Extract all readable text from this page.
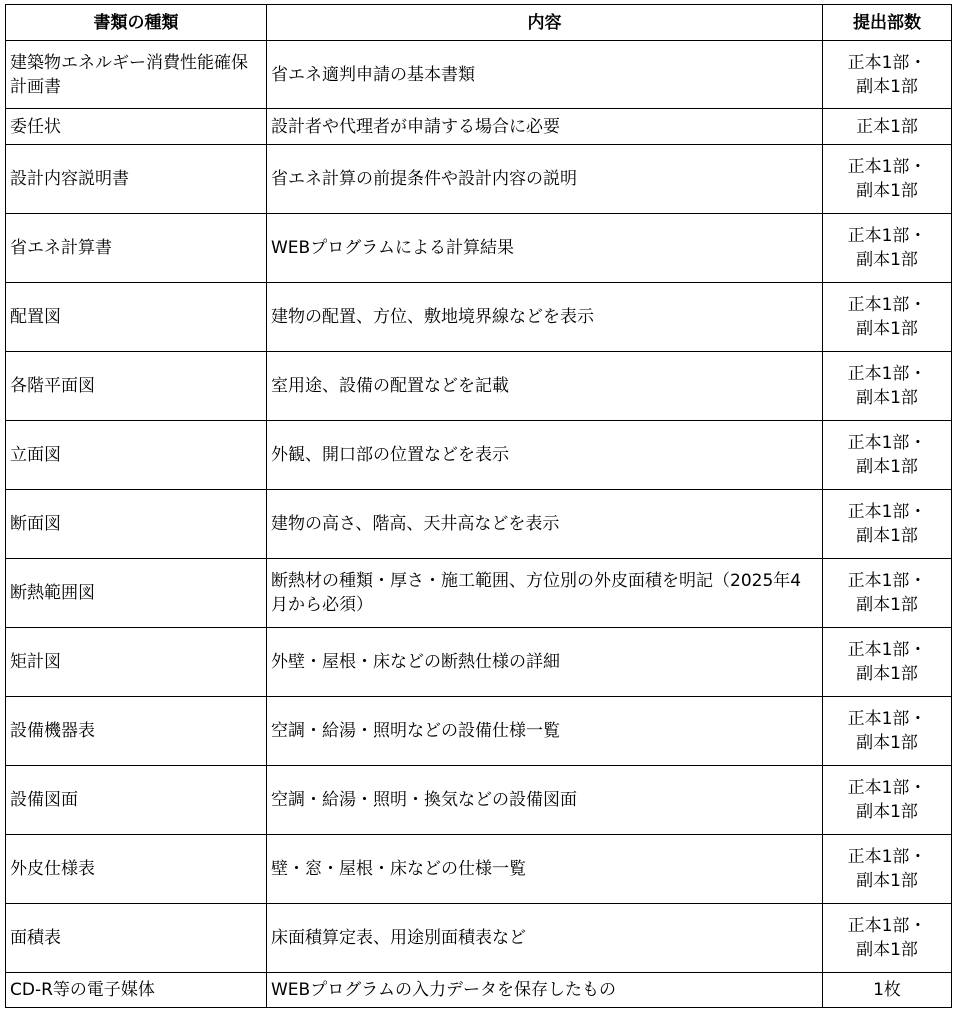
書類の種類	内容	提出部数
建築物エネルギー消費性能確保計画書	省エネ適判申請の基本書類	正本1部・
副本1部

委任状	設計者や代理者が申請する場合に必要	正本1部

設計内容説明書	省エネ計算の前提条件や設計内容の説明	正本1部・
副本1部

省エネ計算書	WEBプログラムによる計算結果	正本1部・
副本1部

配置図	建物の配置、方位、敷地境界線などを表示	正本1部・
副本1部

各階平面図	室用途、設備の配置などを記載	正本1部・
副本1部

立面図	外観、開口部の位置などを表示	正本1部・
副本1部

断面図	建物の高さ、階高、天井高などを表示	正本1部・
副本1部

断熱範囲図	断熱材の種類・厚さ・施工範囲、方位別の外皮面積を明記（2025年4月から必須）	正本1部・
副本1部

矩計図	外壁・屋根・床などの断熱仕様の詳細	正本1部・
副本1部

設備機器表	空調・給湯・照明などの設備仕様一覧	正本1部・
副本1部

設備図面	空調・給湯・照明・換気などの設備図面	正本1部・
副本1部

外皮仕様表	壁・窓・屋根・床などの仕様一覧	正本1部・
副本1部

面積表	床面積算定表、用途別面積表など	正本1部・
副本1部

CD-R等の電子媒体	WEBプログラムの入力データを保存したもの	1枚
